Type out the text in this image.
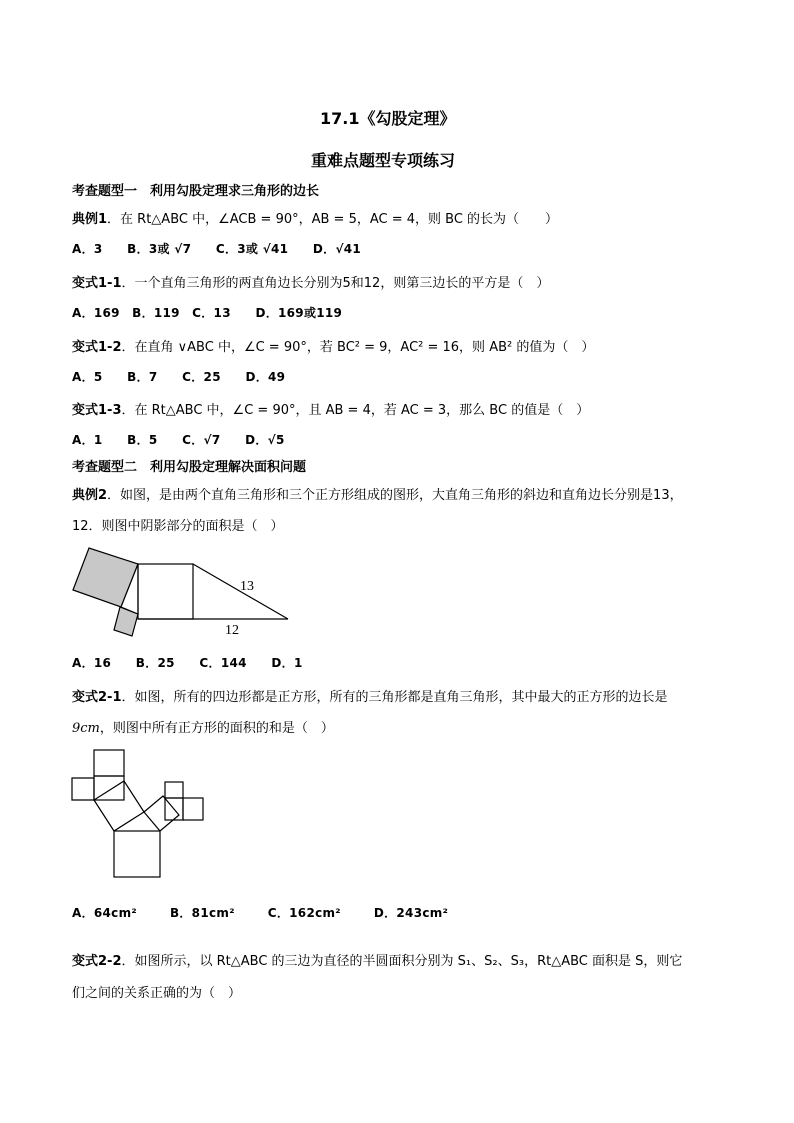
17.1《勾股定理》
重难点题型专项练习
考查题型一　利用勾股定理求三角形的边长
典例1．在 Rt△ABC 中，∠ACB = 90°，AB = 5，AC = 4，则 BC 的长为（　　）
A．3　　B．3或 √7　　C．3或 √41　　D．√41
变式1-1．一个直角三角形的两直角边长分别为5和12，则第三边长的平方是（　）
A．169　B．119　C．13　　D．169或119
变式1-2．在直角 ∨ABC 中，∠C = 90°，若 BC² = 9，AC² = 16，则 AB² 的值为（　）
A．5　　B．7　　C．25　　D．49
变式1-3．在 Rt△ABC 中，∠C = 90°，且 AB = 4，若 AC = 3，那么 BC 的值是（　）
A．1　　B．5　　C．√7　　D．√5
考查题型二　利用勾股定理解决面积问题
典例2．如图，是由两个直角三角形和三个正方形组成的图形，大直角三角形的斜边和直角边长分别是13，
12．则图中阴影部分的面积是（　）
13
12
A．16　　B．25　　C．144　　D．1
变式2-1．如图，所有的四边形都是正方形，所有的三角形都是直角三角形，其中最大的正方形的边长是
9cm，则图中所有正方形的面积的和是（　）
A．64cm²	B．81cm²	C．162cm²	D．243cm²
变式2-2．如图所示，以 Rt△ABC 的三边为直径的半圆面积分别为 S₁、S₂、S₃，Rt△ABC 面积是 S，则它
们之间的关系正确的为（　）
